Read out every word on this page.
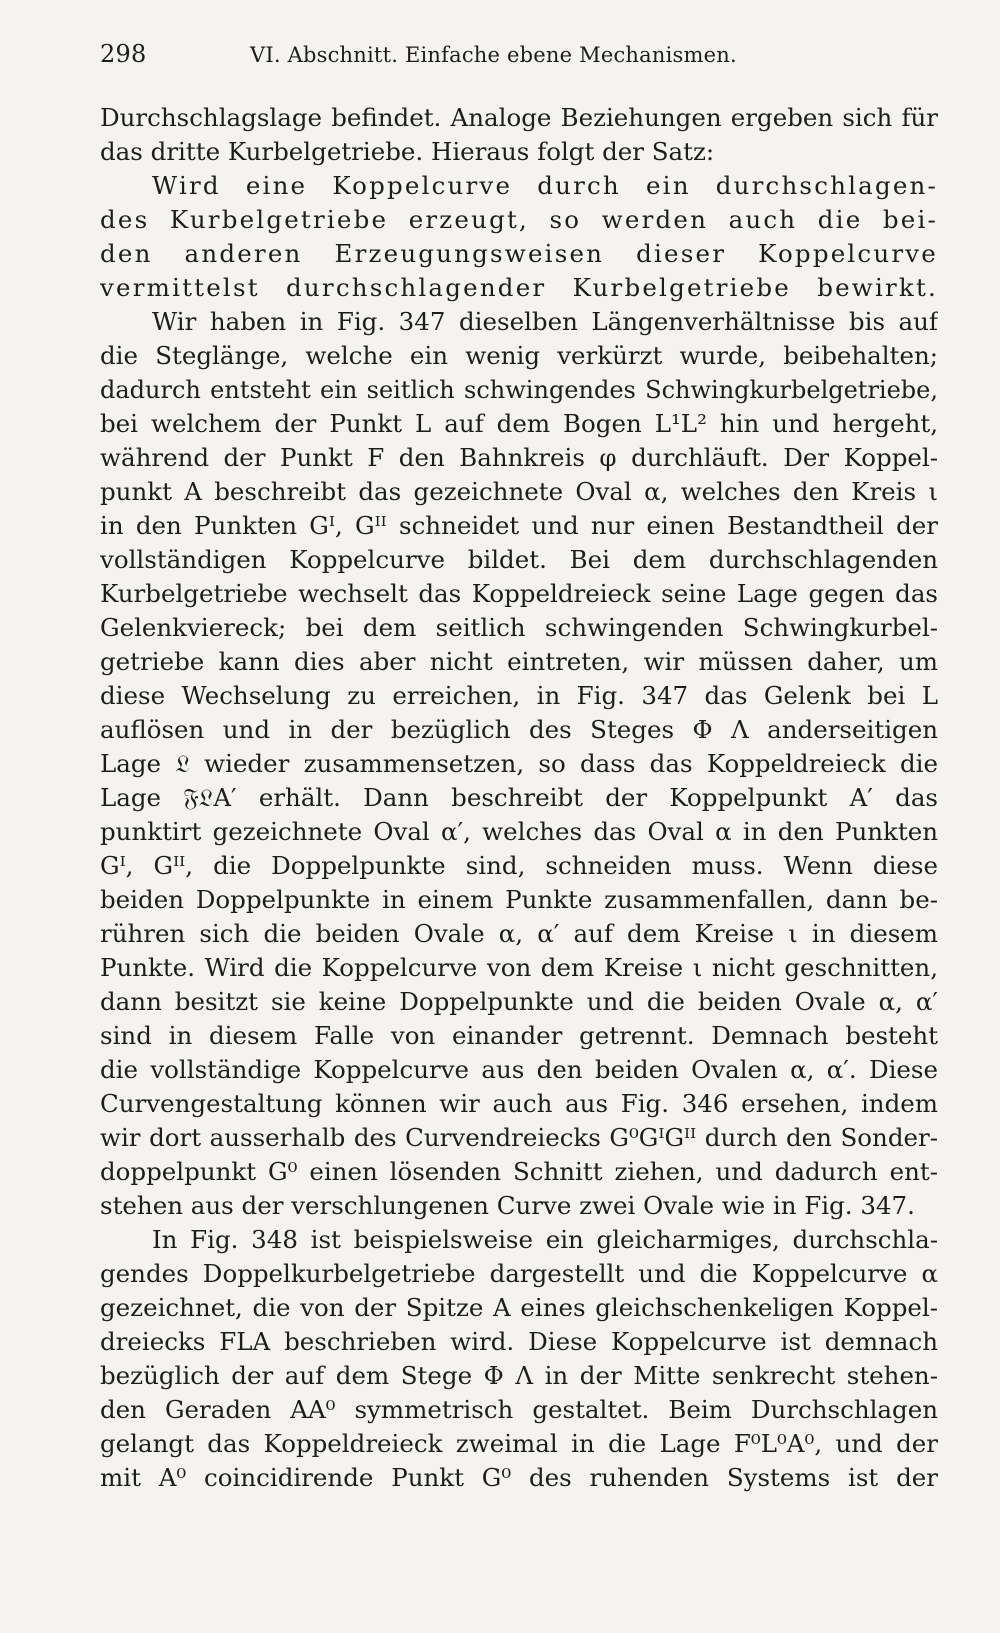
298	VI. Abschnitt. Einfache ebene Mechanismen.
Durchschlagslage befindet. Analoge Beziehungen ergeben sich für
das dritte Kurbelgetriebe. Hieraus folgt der Satz:
Wird eine Koppelcurve durch ein durchschlagen-
des Kurbelgetriebe erzeugt, so werden auch die bei-
den anderen Erzeugungsweisen dieser Koppelcurve
vermittelst durchschlagender Kurbelgetriebe bewirkt.
Wir haben in Fig. 347 dieselben Längenverhältnisse bis auf
die Steglänge, welche ein wenig verkürzt wurde, beibehalten;
dadurch entsteht ein seitlich schwingendes Schwingkurbelgetriebe,
bei welchem der Punkt L auf dem Bogen L¹L² hin und hergeht,
während der Punkt F den Bahnkreis φ durchläuft. Der Koppel-
punkt A beschreibt das gezeichnete Oval α, welches den Kreis ι
in den Punkten Gᴵ, Gᴵᴵ schneidet und nur einen Bestandtheil der
vollständigen Koppelcurve bildet. Bei dem durchschlagenden
Kurbelgetriebe wechselt das Koppeldreieck seine Lage gegen das
Gelenkviereck; bei dem seitlich schwingenden Schwingkurbel-
getriebe kann dies aber nicht eintreten, wir müssen daher, um
diese Wechselung zu erreichen, in Fig. 347 das Gelenk bei L
auflösen und in der bezüglich des Steges Φ Λ anderseitigen
Lage 𝔏 wieder zusammensetzen, so dass das Koppeldreieck die
Lage 𝔉𝔏A′ erhält. Dann beschreibt der Koppelpunkt A′ das
punktirt gezeichnete Oval α′, welches das Oval α in den Punkten
Gᴵ, Gᴵᴵ, die Doppelpunkte sind, schneiden muss. Wenn diese
beiden Doppelpunkte in einem Punkte zusammenfallen, dann be-
rühren sich die beiden Ovale α, α′ auf dem Kreise ι in diesem
Punkte. Wird die Koppelcurve von dem Kreise ι nicht geschnitten,
dann besitzt sie keine Doppelpunkte und die beiden Ovale α, α′
sind in diesem Falle von einander getrennt. Demnach besteht
die vollständige Koppelcurve aus den beiden Ovalen α, α′. Diese
Curvengestaltung können wir auch aus Fig. 346 ersehen, indem
wir dort ausserhalb des Curvendreiecks G⁰GᴵGᴵᴵ durch den Sonder-
doppelpunkt G⁰ einen lösenden Schnitt ziehen, und dadurch ent-
stehen aus der verschlungenen Curve zwei Ovale wie in Fig. 347.
In Fig. 348 ist beispielsweise ein gleicharmiges, durchschla-
gendes Doppelkurbelgetriebe dargestellt und die Koppelcurve α
gezeichnet, die von der Spitze A eines gleichschenkeligen Koppel-
dreiecks FLA beschrieben wird. Diese Koppelcurve ist demnach
bezüglich der auf dem Stege Φ Λ in der Mitte senkrecht stehen-
den Geraden AA⁰ symmetrisch gestaltet. Beim Durchschlagen
gelangt das Koppeldreieck zweimal in die Lage F⁰L⁰A⁰, und der
mit A⁰ coincidirende Punkt G⁰ des ruhenden Systems ist der
